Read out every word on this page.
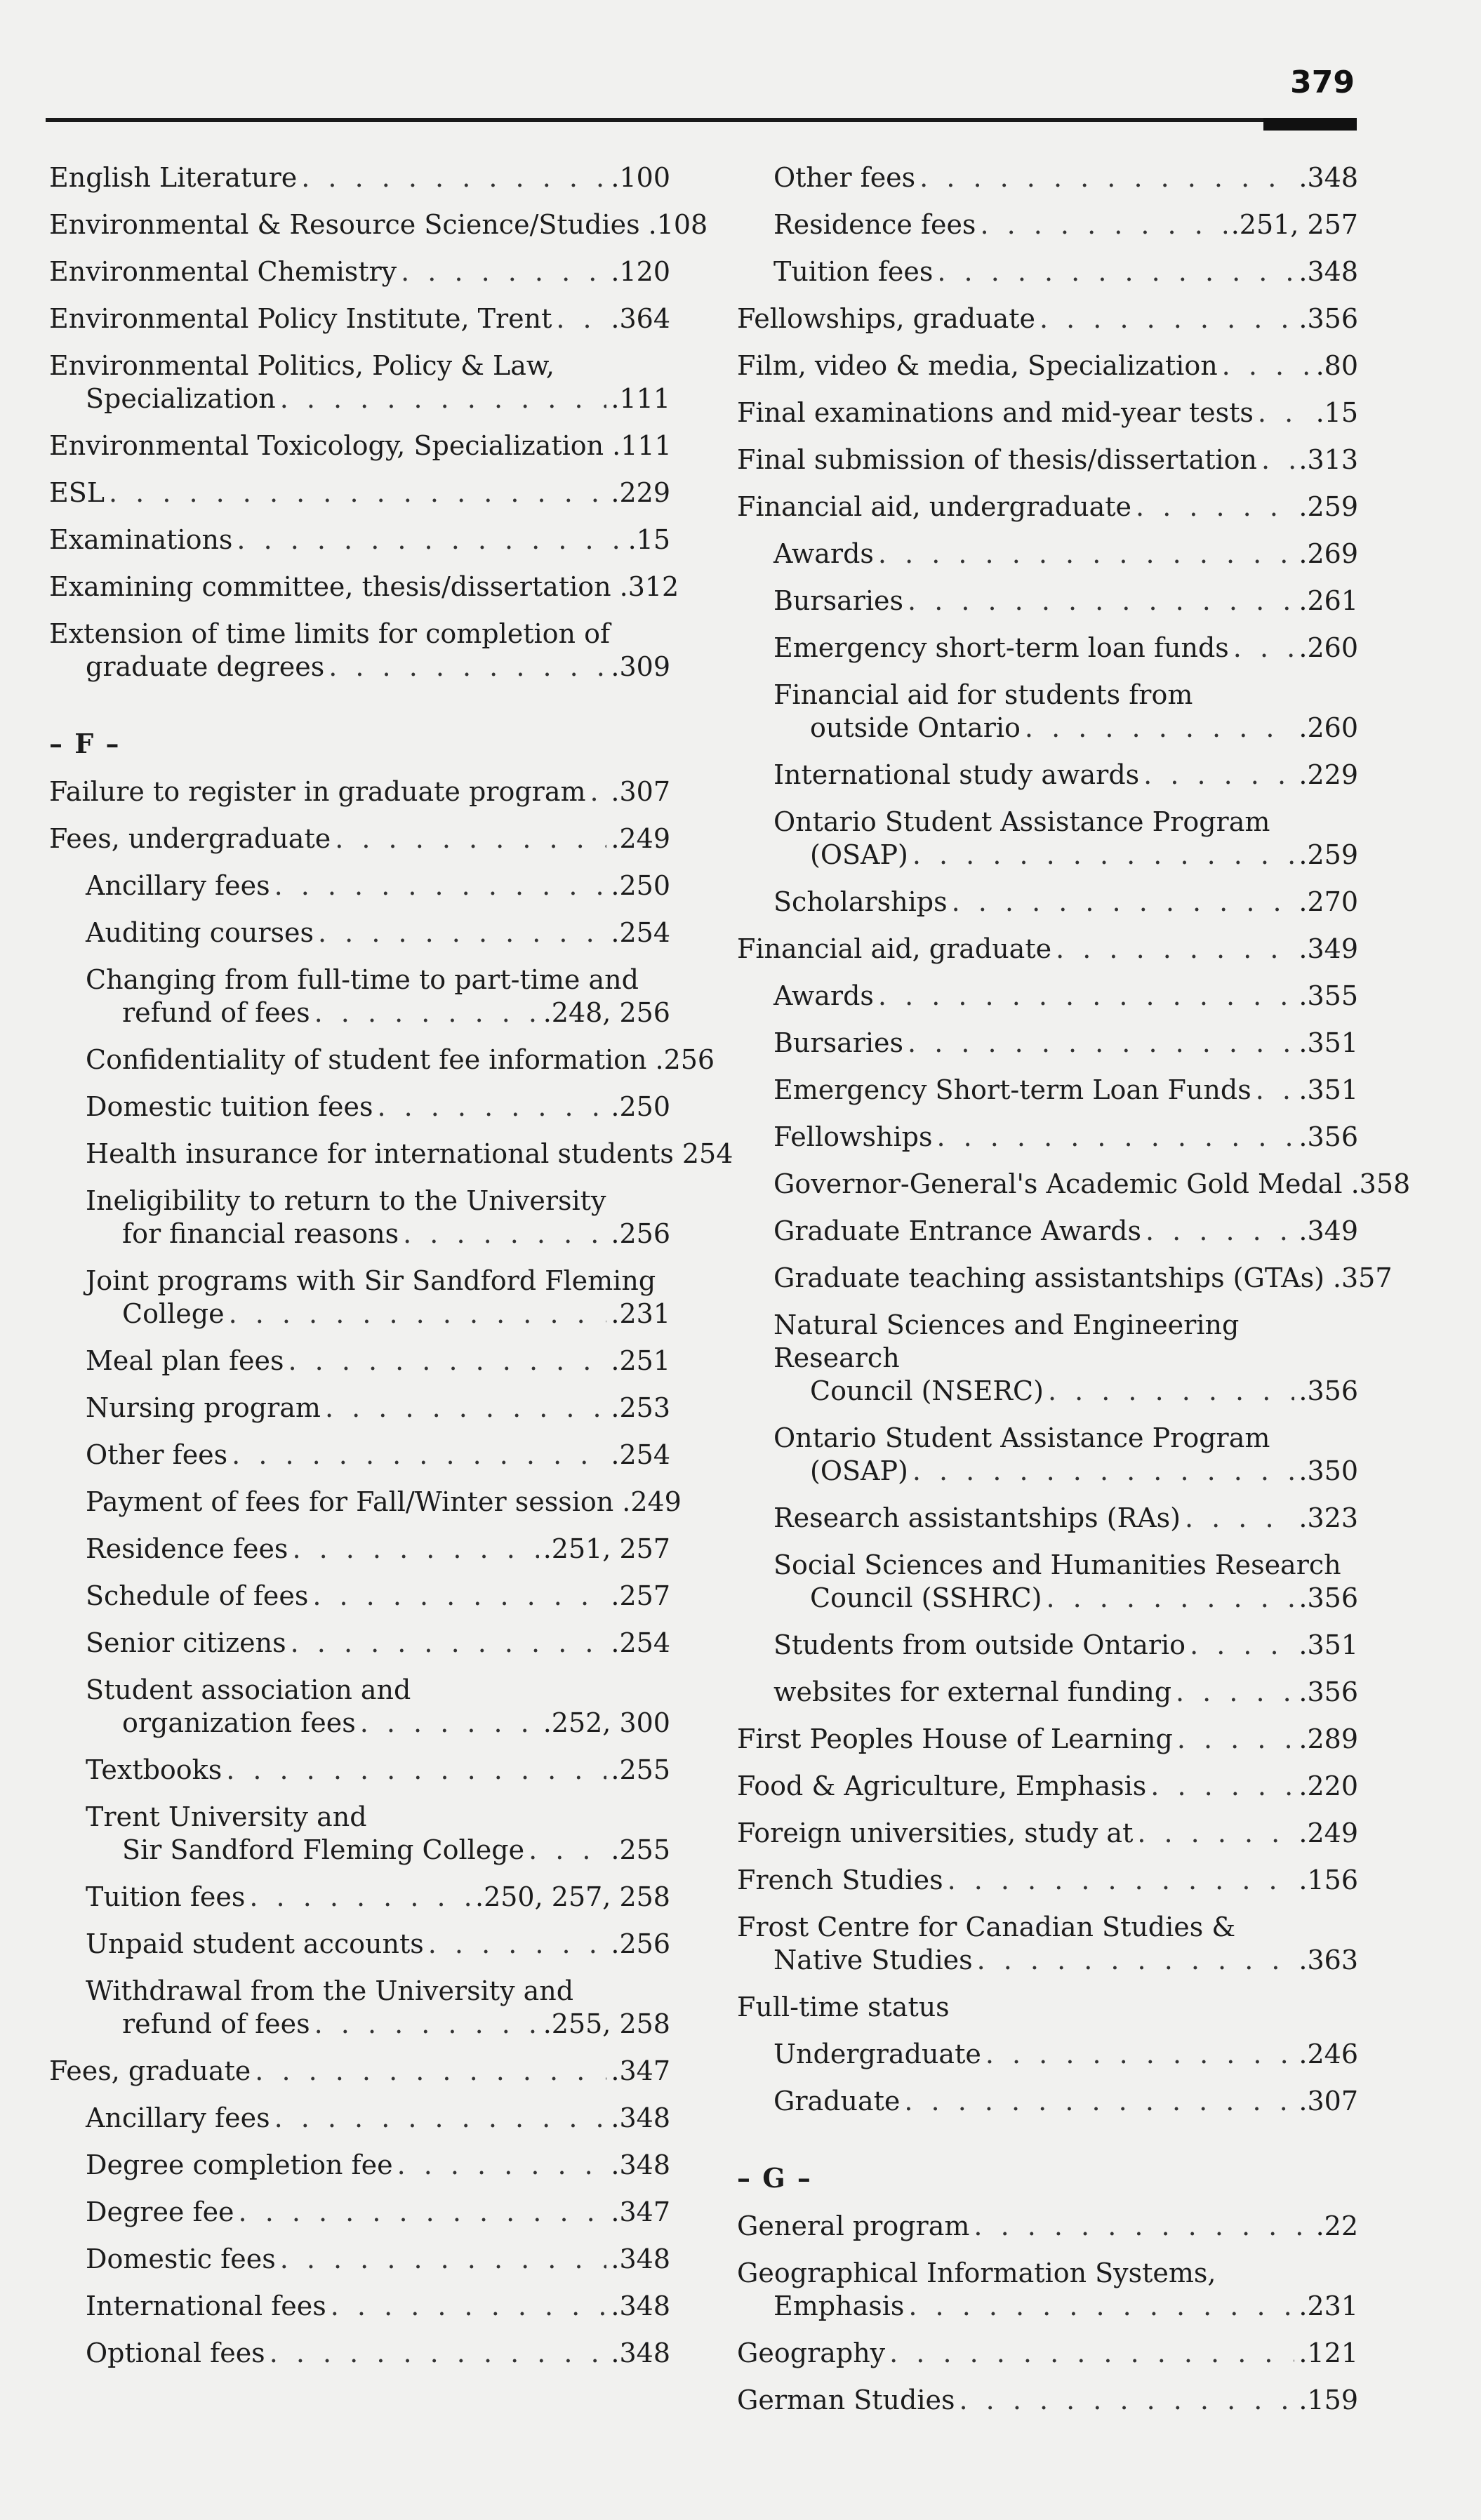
379
English Literature . . .	.100
Environmental & Resource Science/Studies .108
Environmental Chemistry . . .	.120
Environmental Policy Institute, Trent . . . .364
Environmental Politics, Policy & Law,
Specialization . . .	.111
Environmental Toxicology, Specialization .111
ESL . . .	.229
Examinations . . .	.15
Examining committee, thesis/dissertation .312
Extension of time limits for completion of
graduate degrees . . .	.309
– F –
Failure to register in graduate program . . . .307
Fees, undergraduate . . .	.249
Ancillary fees . . .	.250
Auditing courses . . .	.254
Changing from full-time to part-time and
refund of fees . . .	.248, 256
Confidentiality of student fee information .256
Domestic tuition fees . . .	.250
Health insurance for international students 254
Ineligibility to return to the University
for financial reasons . . .	.256
Joint programs with Sir Sandford Fleming
College . . .	.231
Meal plan fees . . .	.251
Nursing program . . .	.253
Other fees . . .	.254
Payment of fees for Fall/Winter session .249
Residence fees . . .	.251, 257
Schedule of fees . . .	.257
Senior citizens . . .	.254
Student association and
organization fees . . .	.252, 300
Textbooks . . .	.255
Trent University and
Sir Sandford Fleming College . . .	.255
Tuition fees . . .	.250, 257, 258
Unpaid student accounts . . .	.256
Withdrawal from the University and
refund of fees . . .	.255, 258
Fees, graduate . . .	.347
Ancillary fees . . .	.348
Degree completion fee . . .	.348
Degree fee . . .	.347
Domestic fees . . .	.348
International fees . . .	.348
Optional fees . . .	.348
Other fees . . .	.348
Residence fees . . .	.251, 257
Tuition fees . . .	.348
Fellowships, graduate . . .	.356
Film, video & media, Specialization . . .	.80
Final examinations and mid-year tests . . . .15
Final submission of thesis/dissertation . . . .313
Financial aid, undergraduate . . .	.259
Awards . . .	.269
Bursaries . . .	.261
Emergency short-term loan funds . . .	.260
Financial aid for students from
outside Ontario . . .	.260
International study awards . . .	.229
Ontario Student Assistance Program
(OSAP) . . .	.259
Scholarships . . .	.270
Financial aid, graduate . . .	.349
Awards . . .	.355
Bursaries . . .	.351
Emergency Short-term Loan Funds . . . .351
Fellowships . . .	.356
Governor-General's Academic Gold Medal .358
Graduate Entrance Awards . . .	.349
Graduate teaching assistantships (GTAs) .357
Natural Sciences and Engineering Research
Council (NSERC) . . .	.356
Ontario Student Assistance Program
(OSAP) . . .	.350
Research assistantships (RAs) . . .	.323
Social Sciences and Humanities Research
Council (SSHRC) . . .	.356
Students from outside Ontario . . .	.351
websites for external funding . . .	.356
First Peoples House of Learning . . .	.289
Food & Agriculture, Emphasis . . .	.220
Foreign universities, study at . . .	.249
French Studies . . .	.156
Frost Centre for Canadian Studies &
Native Studies . . .	.363
Full-time status
Undergraduate . . .	.246
Graduate . . .	.307
– G –
General program . . .	.22
Geographical Information Systems,
Emphasis . . .	.231
Geography . . .	.121
German Studies . . .	.159
